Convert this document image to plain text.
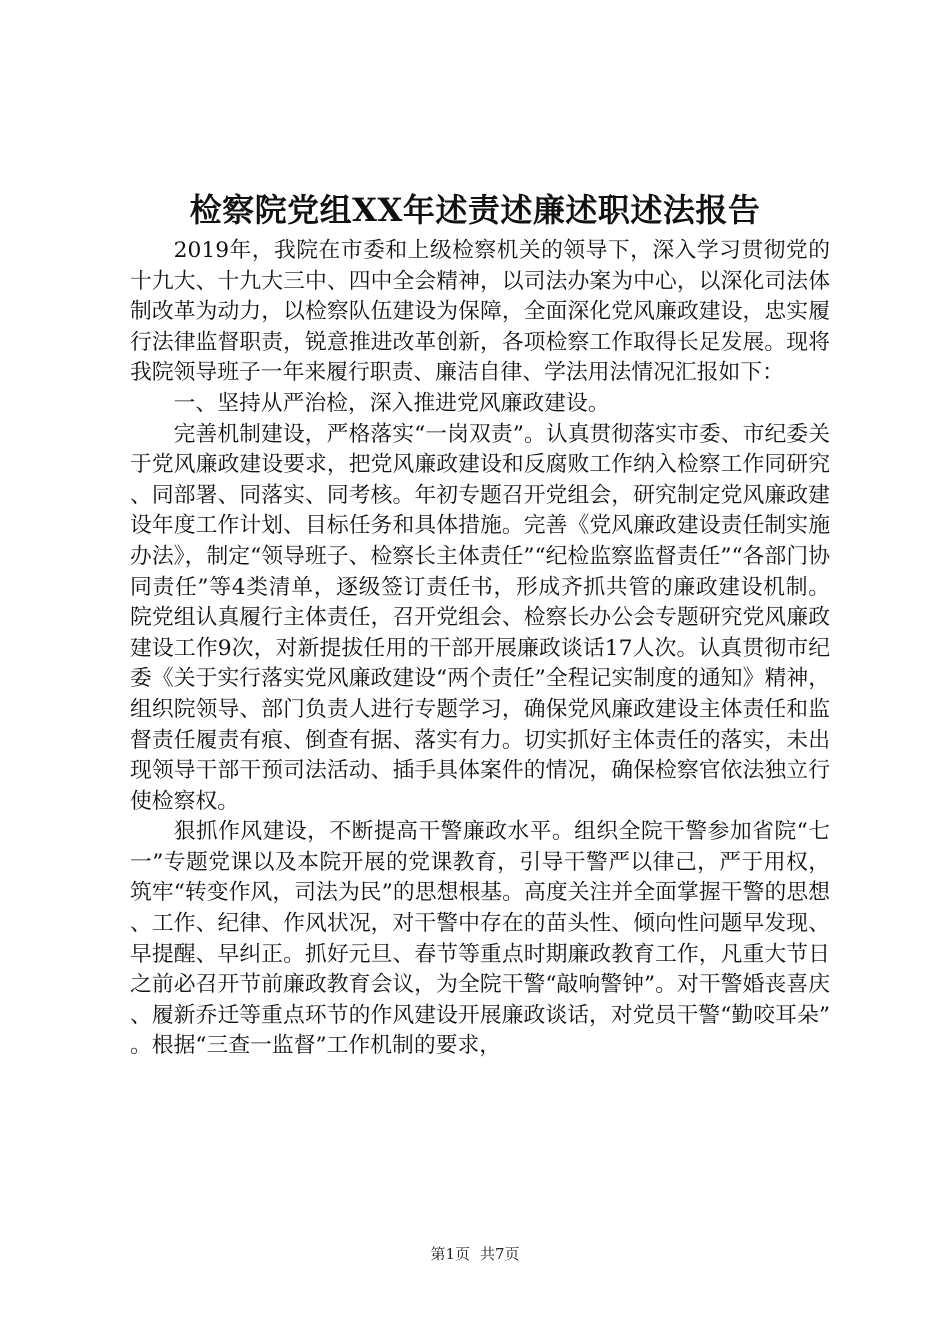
检察院党组XX年述责述廉述职述法报告

2019年，我院在市委和上级检察机关的领导下，深入学习贯彻党的十九大、十九大三中、四中全会精神，以司法办案为中心，以深化司法体制改革为动力，以检察队伍建设为保障，全面深化党风廉政建设，忠实履行法律监督职责，锐意推进改革创新，各项检察工作取得长足发展。现将我院领导班子一年来履行职责、廉洁自律、学法用法情况汇报如下：

一、坚持从严治检，深入推进党风廉政建设。

完善机制建设，严格落实“一岗双责”。认真贯彻落实市委、市纪委关于党风廉政建设要求，把党风廉政建设和反腐败工作纳入检察工作同研究、同部署、同落实、同考核。年初专题召开党组会，研究制定党风廉政建设年度工作计划、目标任务和具体措施。完善《党风廉政建设责任制实施办法》，制定“领导班子、检察长主体责任”“纪检监察监督责任”“各部门协同责任”等4类清单，逐级签订责任书，形成齐抓共管的廉政建设机制。院党组认真履行主体责任，召开党组会、检察长办公会专题研究党风廉政建设工作9次，对新提拔任用的干部开展廉政谈话17人次。认真贯彻市纪委《关于实行落实党风廉政建设“两个责任”全程记实制度的通知》精神，组织院领导、部门负责人进行专题学习，确保党风廉政建设主体责任和监督责任履责有痕、倒查有据、落实有力。切实抓好主体责任的落实，未出现领导干部干预司法活动、插手具体案件的情况，确保检察官依法独立行使检察权。

狠抓作风建设，不断提高干警廉政水平。组织全院干警参加省院“七一”专题党课以及本院开展的党课教育，引导干警严以律己，严于用权，筑牢“转变作风，司法为民”的思想根基。高度关注并全面掌握干警的思想、工作、纪律、作风状况，对干警中存在的苗头性、倾向性问题早发现、早提醒、早纠正。抓好元旦、春节等重点时期廉政教育工作，凡重大节日之前必召开节前廉政教育会议，为全院干警“敲响警钟”。对干警婚丧喜庆、履新乔迁等重点环节的作风建设开展廉政谈话，对党员干警“勤咬耳朵”。根据“三查一监督”工作机制的要求，

第1页 共7页
